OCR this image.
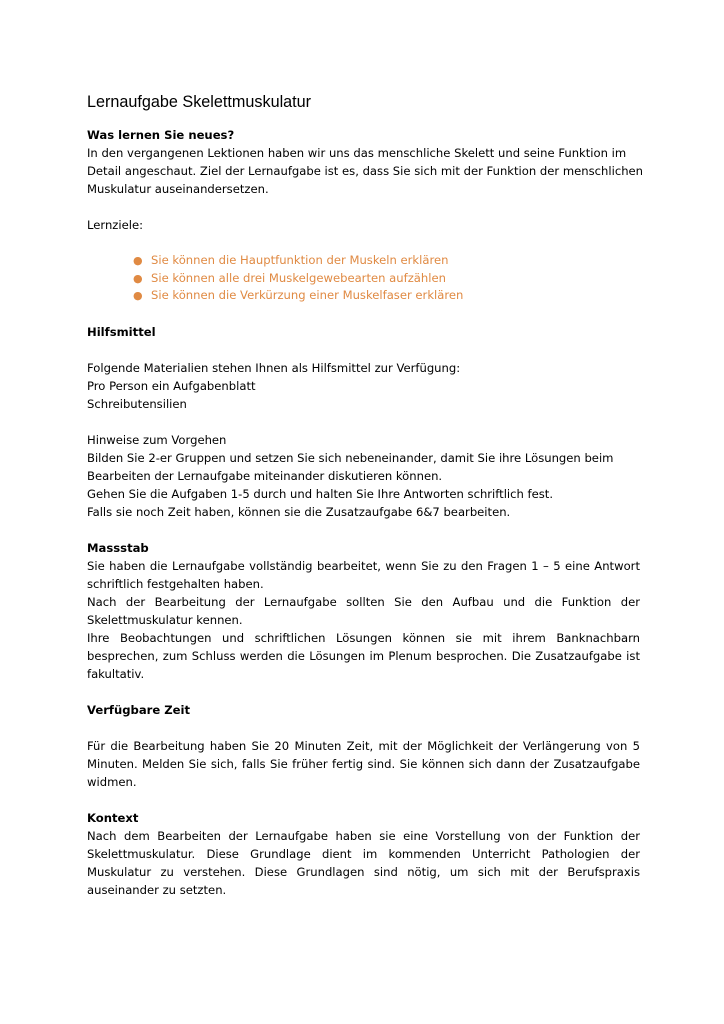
Lernaufgabe Skelettmuskulatur
Was lernen Sie neues?
In den vergangenen Lektionen haben wir uns das menschliche Skelett und seine Funktion im
Detail angeschaut. Ziel der Lernaufgabe ist es, dass Sie sich mit der Funktion der menschlichen
Muskulatur auseinandersetzen.

Lernziele:

● Sie können die Hauptfunktion der Muskeln erklären
● Sie können alle drei Muskelgewebearten aufzählen
● Sie können die Verkürzung einer Muskelfaser erklären
Hilfsmittel
Folgende Materialien stehen Ihnen als Hilfsmittel zur Verfügung:
Pro Person ein Aufgabenblatt
Schreibutensilien
Hinweise zum Vorgehen
Bilden Sie 2-er Gruppen und setzen Sie sich nebeneinander, damit Sie ihre Lösungen beim
Bearbeiten der Lernaufgabe miteinander diskutieren können.
Gehen Sie die Aufgaben 1-5 durch und halten Sie Ihre Antworten schriftlich fest.
Falls sie noch Zeit haben, können sie die Zusatzaufgabe 6&7 bearbeiten.
Massstab

Sie haben die Lernaufgabe vollständig bearbeitet, wenn Sie zu den Fragen 1 – 5 eine Antwort schriftlich festgehalten haben.

Nach der Bearbeitung der Lernaufgabe sollten Sie den Aufbau und die Funktion der Skelettmuskulatur kennen.

Ihre Beobachtungen und schriftlichen Lösungen können sie mit ihrem Banknachbarn besprechen, zum Schluss werden die Lösungen im Plenum besprochen. Die Zusatzaufgabe ist fakultativ.

Verfügbare Zeit

Für die Bearbeitung haben Sie 20 Minuten Zeit, mit der Möglichkeit der Verlängerung von 5 Minuten. Melden Sie sich, falls Sie früher fertig sind. Sie können sich dann der Zusatzaufgabe widmen.

Kontext

Nach dem Bearbeiten der Lernaufgabe haben sie eine Vorstellung von der Funktion der Skelettmuskulatur. Diese Grundlage dient im kommenden Unterricht Pathologien der Muskulatur zu verstehen. Diese Grundlagen sind nötig, um sich mit der Berufspraxis auseinander zu setzten.
